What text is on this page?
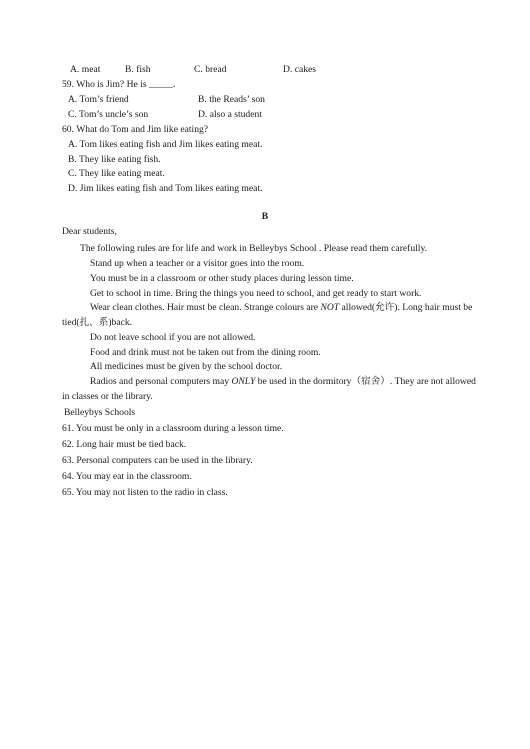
A. meat	B. fish	C. bread	D. cakes
59. Who is Jim? He is _____.
A. Tom’s friend	B. the Reads’ son
C. Tom’s uncle’s son	D. also a student
60. What do Tom and Jim like eating?
A. Tom likes eating fish and Jim likes eating meat.
B. They like eating fish.
C. They like eating meat.
D. Jim likes eating fish and Tom likes eating meat.
B
Dear students,
The following rules are for life and work in Belleybys School . Please read them carefully.
Stand up when a teacher or a visitor goes into the room.
You must be in a classroom or other study places during lesson time.
Get to school in time. Bring the things you need to school, and get ready to start work.
Wear clean clothes. Hair must be clean. Strange colours are NOT allowed(允许). Long hair must be
tied(扎、系)back.
Do not leave school if you are not allowed.
Food and drink must not be taken out from the dining room.
All medicines must be given by the school doctor.
Radios and personal computers may ONLY be used in the dormitory（宿舍）. They are not allowed
in classes or the library.
Belleybys Schools
61. You must be only in a classroom during a lesson time.
62. Long hair must be tied back.
63. Personal computers can be used in the library.
64. You may eat in the classroom.
65. You may not listen to the radio in class.
